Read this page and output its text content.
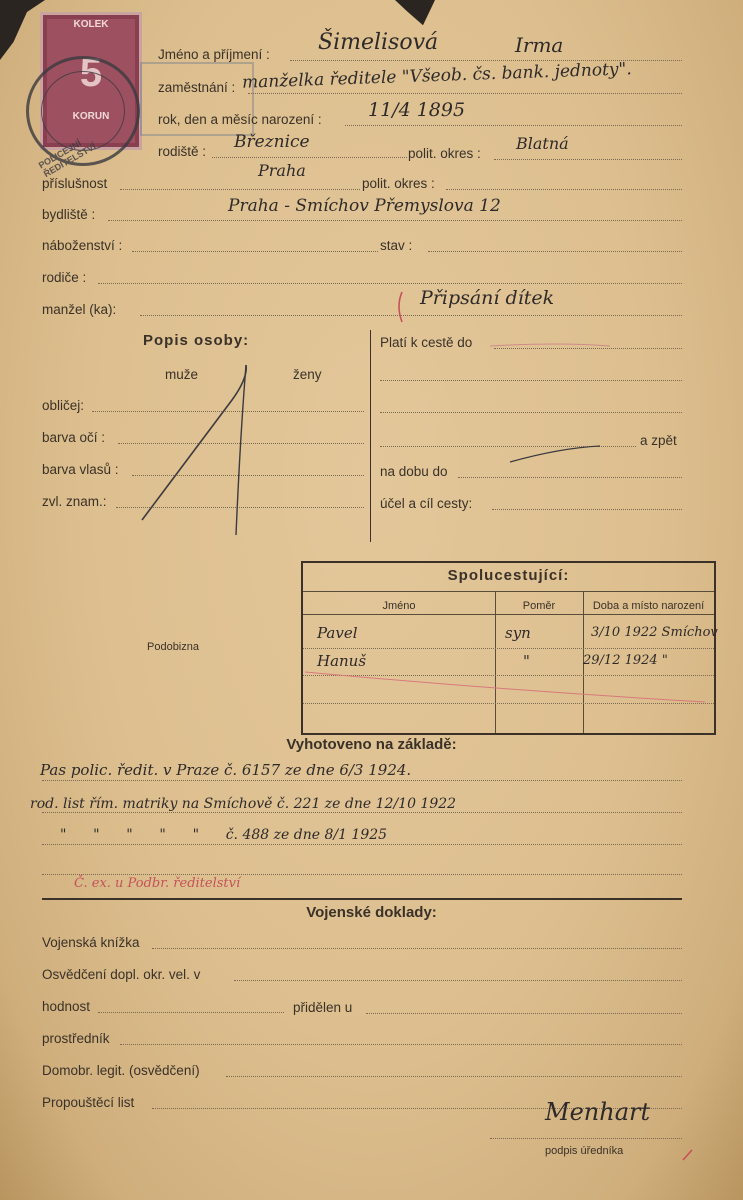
KOLEK
5
KORUN
POLICEJNÍ ŘEDITELSTVÍ
Jméno a příjmení : Šimelisová	Irma
zaměstnání : manželka ředitele "Všeob. čs. bank. jednoty".
rok, den a měsíc narození : 11/4 1895
rodiště : Březnice
polit. okres :
Blatná
příslušnost
Praha
polit. okres :
bydliště :	Praha - Smíchov Přemyslova 12
náboženství :	stav :
rodiče :
manžel (ka):
Připsání dítek
Popis osoby:
muže	ženy
obličej:
barva očí :
barva vlasů :
zvl. znam.:
Platí k cestě do
a zpět
na dobu do
účel a cíl cesty:
Podobizna
Spolucestující:
Jméno	Poměr	Doba a místo narození
Pavel	syn	3/10 1922 Smíchov
Hanuš	"	29/12 1924 "
Vyhotoveno na základě:
Pas polic. ředit. v Praze č. 6157 ze dne 6/3 1924.
rod. list řím. matriky na Smíchově č. 221 ze dne 12/10 1922
"      "      "      "      "      č. 488 ze dne 8/1 1925
Č. ex. u Podbr. ředitelství
Vojenské doklady:
Vojenská knížka
Osvědčení dopl. okr. vel. v
hodnost	přidělen u
prostředník
Domobr. legit. (osvědčení)
Propouštěcí list	Menhart
podpis úředníka
